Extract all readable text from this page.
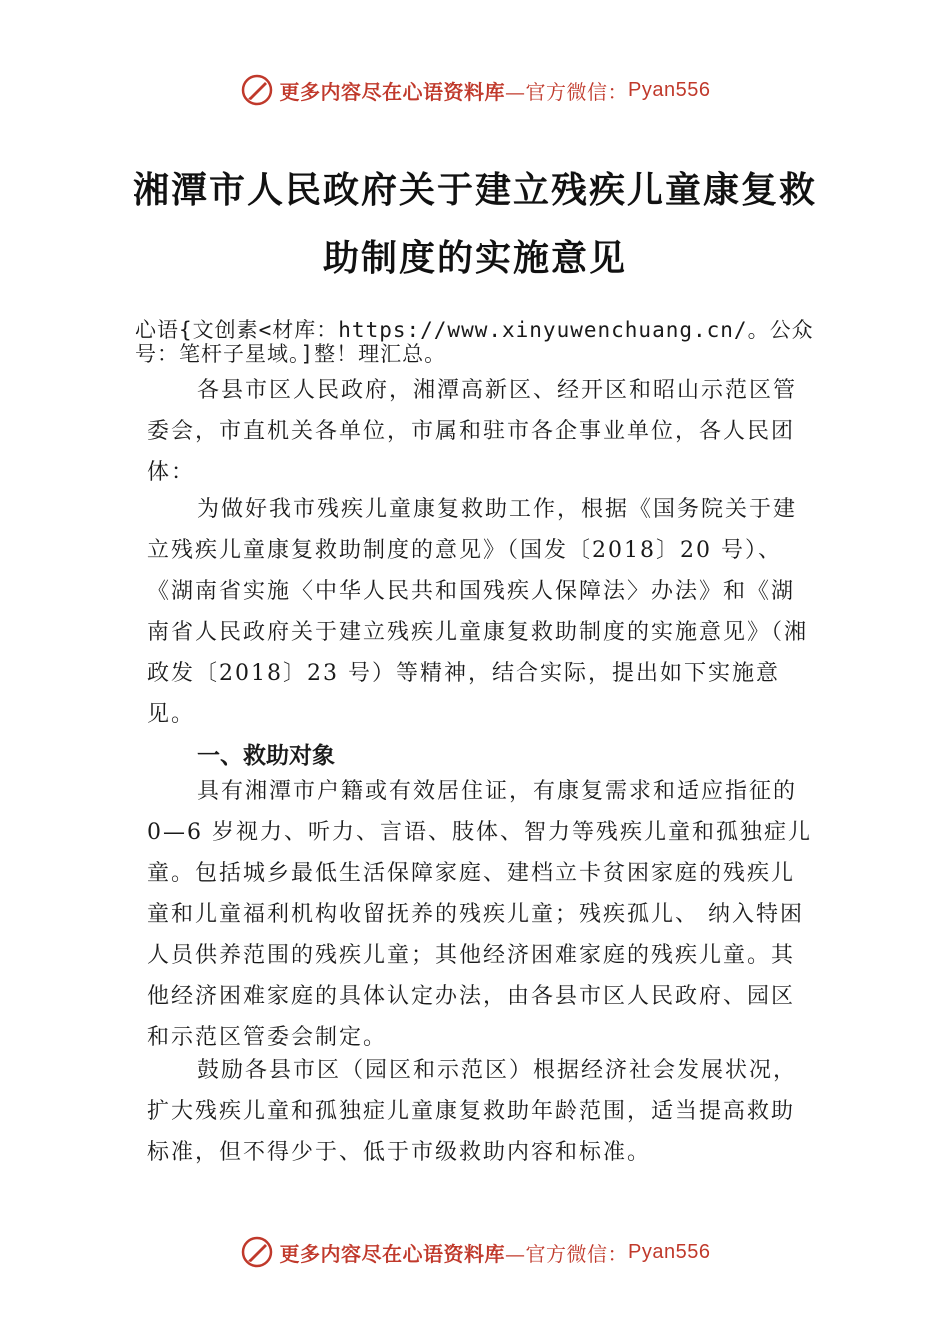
更多内容尽在心语资料库 —官方微信： Pyan556
湘潭市人民政府关于建立残疾儿童康复救
助制度的实施意见
心语{文创素<材库：https://www.xinyuwenchuang.cn/。公众号：笔杆子星域。]整！理汇总。

各县市区人民政府，湘潭高新区、经开区和昭山示范区管委会，市直机关各单位，市属和驻市各企事业单位，各人民团体：

为做好我市残疾儿童康复救助工作，根据《国务院关于建立残疾儿童康复救助制度的意见》（国发〔2018〕20 号）、《湖南省实施〈中华人民共和国残疾人保障法〉办法》和《湖南省人民政府关于建立残疾儿童康复救助制度的实施意见》（湘政发〔2018〕23 号）等精神，结合实际，提出如下实施意见。

一、救助对象

具有湘潭市户籍或有效居住证，有康复需求和适应指征的 0—6 岁视力、听力、言语、肢体、智力等残疾儿童和孤独症儿童。包括城乡最低生活保障家庭、建档立卡贫困家庭的残疾儿童和儿童福利机构收留抚养的残疾儿童；残疾孤儿、 纳入特困人员供养范围的残疾儿童；其他经济困难家庭的残疾儿童。其他经济困难家庭的具体认定办法，由各县市区人民政府、园区和示范区管委会制定。

鼓励各县市区（园区和示范区）根据经济社会发展状况，扩大残疾儿童和孤独症儿童康复救助年龄范围，适当提高救助标准，但不得少于、低于市级救助内容和标准。

更多内容尽在心语资料库 —官方微信： Pyan556
